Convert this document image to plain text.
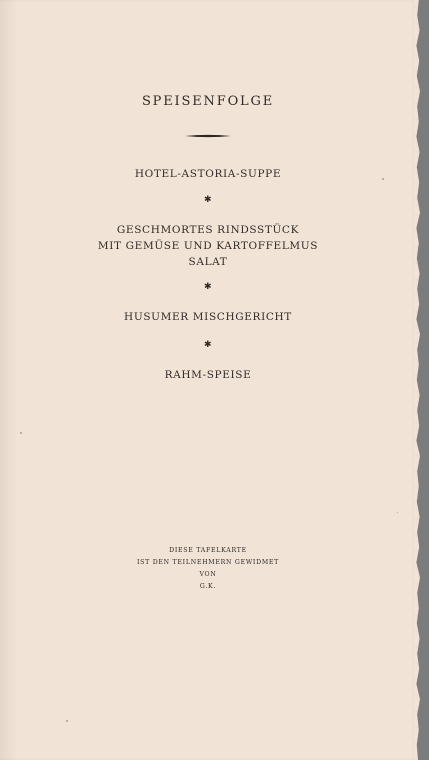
SPEISENFOLGE
HOTEL-ASTORIA-SUPPE
✱
GESCHMORTES RINDSSTÜCK
MIT GEMÜSE UND KARTOFFELMUS
SALAT
✱
HUSUMER MISCHGERICHT
✱
RAHM-SPEISE
DIESE TAFELKARTE
IST DEN TEILNEHMERN GEWIDMET
VON
G.K.
